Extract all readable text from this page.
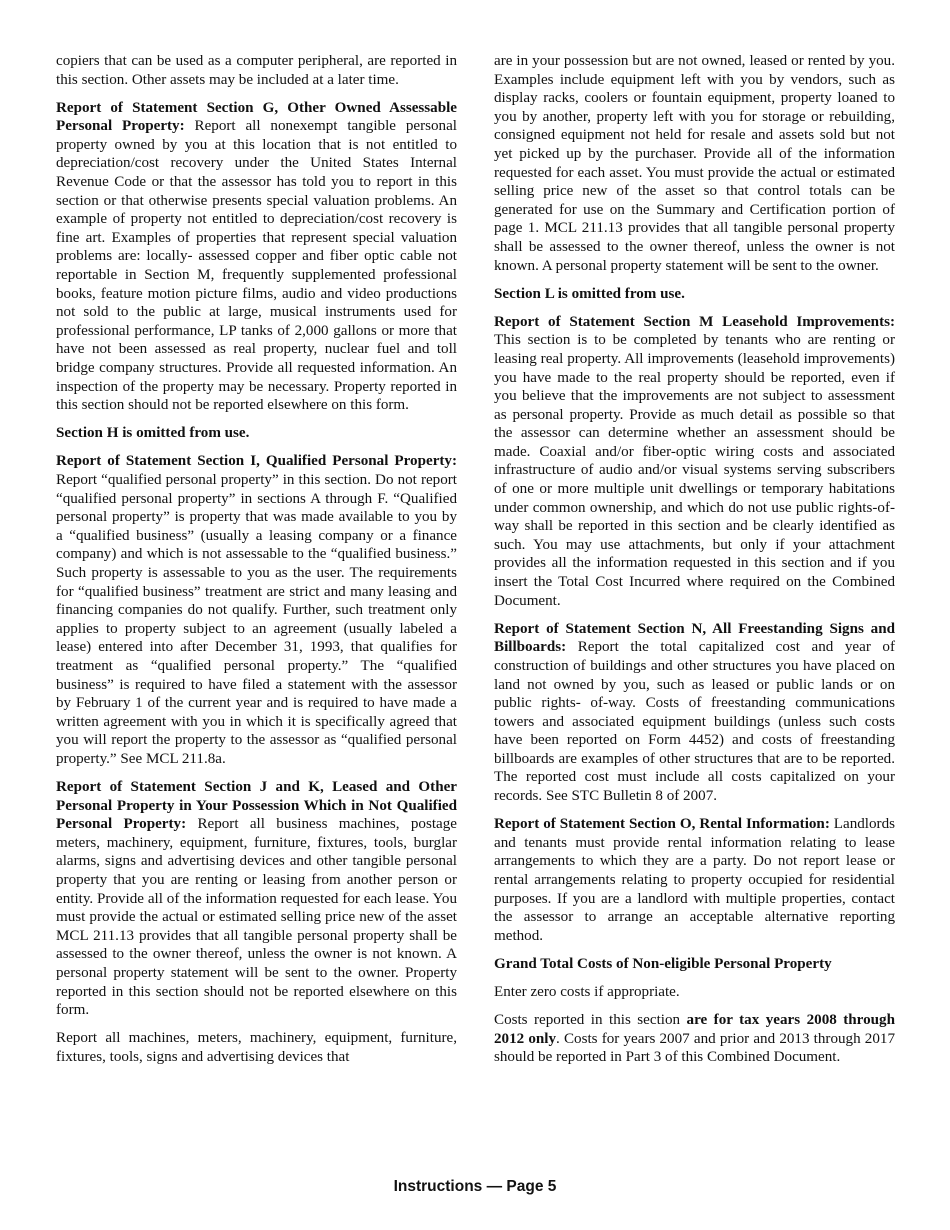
copiers that can be used as a computer peripheral, are reported in this section. Other assets may be included at a later time.

Report of Statement Section G, Other Owned Assessable Personal Property: Report all nonexempt tangible personal property owned by you at this location that is not entitled to depreciation/cost recovery under the United States Internal Revenue Code or that the assessor has told you to report in this section or that otherwise presents special valuation problems. An example of property not entitled to depreciation/cost recovery is fine art. Examples of properties that represent special valuation problems are: locally- assessed copper and fiber optic cable not reportable in Section M, frequently supplemented professional books, feature motion picture films, audio and video productions not sold to the public at large, musical instruments used for professional performance, LP tanks of 2,000 gallons or more that have not been assessed as real property, nuclear fuel and toll bridge company structures. Provide all requested information. An inspection of the property may be necessary. Property reported in this section should not be reported elsewhere on this form.

Section H is omitted from use.

Report of Statement Section I, Qualified Personal Property: Report “qualified personal property” in this section. Do not report “qualified personal property” in sections A through F. “Qualified personal property” is property that was made available to you by a “qualified business” (usually a leasing company or a finance company) and which is not assessable to the “qualified business.” Such property is assessable to you as the user. The requirements for “qualified business” treatment are strict and many leasing and financing companies do not qualify. Further, such treatment only applies to property subject to an agreement (usually labeled a lease) entered into after December 31, 1993, that qualifies for treatment as “qualified personal property.” The “qualified business” is required to have filed a statement with the assessor by February 1 of the current year and is required to have made a written agreement with you in which it is specifically agreed that you will report the property to the assessor as “qualified personal property.” See MCL 211.8a.

Report of Statement Section J and K, Leased and Other Personal Property in Your Possession Which in Not Qualified Personal Property: Report all business machines, postage meters, machinery, equipment, furniture, fixtures, tools, burglar alarms, signs and advertising devices and other tangible personal property that you are renting or leasing from another person or entity. Provide all of the information requested for each lease. You must provide the actual or estimated selling price new of the asset MCL 211.13 provides that all tangible personal property shall be assessed to the owner thereof, unless the owner is not known. A personal property statement will be sent to the owner. Property reported in this section should not be reported elsewhere on this form.

Report all machines, meters, machinery, equipment, furniture, fixtures, tools, signs and advertising devices that

are in your possession but are not owned, leased or rented by you. Examples include equipment left with you by vendors, such as display racks, coolers or fountain equipment, property loaned to you by another, property left with you for storage or rebuilding, consigned equipment not held for resale and assets sold but not yet picked up by the purchaser. Provide all of the information requested for each asset. You must provide the actual or estimated selling price new of the asset so that control totals can be generated for use on the Summary and Certification portion of page 1. MCL 211.13 provides that all tangible personal property shall be assessed to the owner thereof, unless the owner is not known. A personal property statement will be sent to the owner.

Section L is omitted from use.

Report of Statement Section M Leasehold Improvements: This section is to be completed by tenants who are renting or leasing real property. All improvements (leasehold improvements) you have made to the real property should be reported, even if you believe that the improvements are not subject to assessment as personal property. Provide as much detail as possible so that the assessor can determine whether an assessment should be made. Coaxial and/or fiber-optic wiring costs and associated infrastructure of audio and/or visual systems serving subscribers of one or more multiple unit dwellings or temporary habitations under common ownership, and which do not use public rights-of-way shall be reported in this section and be clearly identified as such. You may use attachments, but only if your attachment provides all the information requested in this section and if you insert the Total Cost Incurred where required on the Combined Document.

Report of Statement Section N, All Freestanding Signs and Billboards: Report the total capitalized cost and year of construction of buildings and other structures you have placed on land not owned by you, such as leased or public lands or on public rights- of-way. Costs of freestanding communications towers and associated equipment buildings (unless such costs have been reported on Form 4452) and costs of freestanding billboards are examples of other structures that are to be reported. The reported cost must include all costs capitalized on your records. See STC Bulletin 8 of 2007.

Report of Statement Section O, Rental Information: Landlords and tenants must provide rental information relating to lease arrangements to which they are a party. Do not report lease or rental arrangements relating to property occupied for residential purposes. If you are a landlord with multiple properties, contact the assessor to arrange an acceptable alternative reporting method.

Grand Total Costs of Non-eligible Personal Property

Enter zero costs if appropriate.

Costs reported in this section are for tax years 2008 through 2012 only. Costs for years 2007 and prior and 2013 through 2017 should be reported in Part 3 of this Combined Document.

Instructions — Page 5
